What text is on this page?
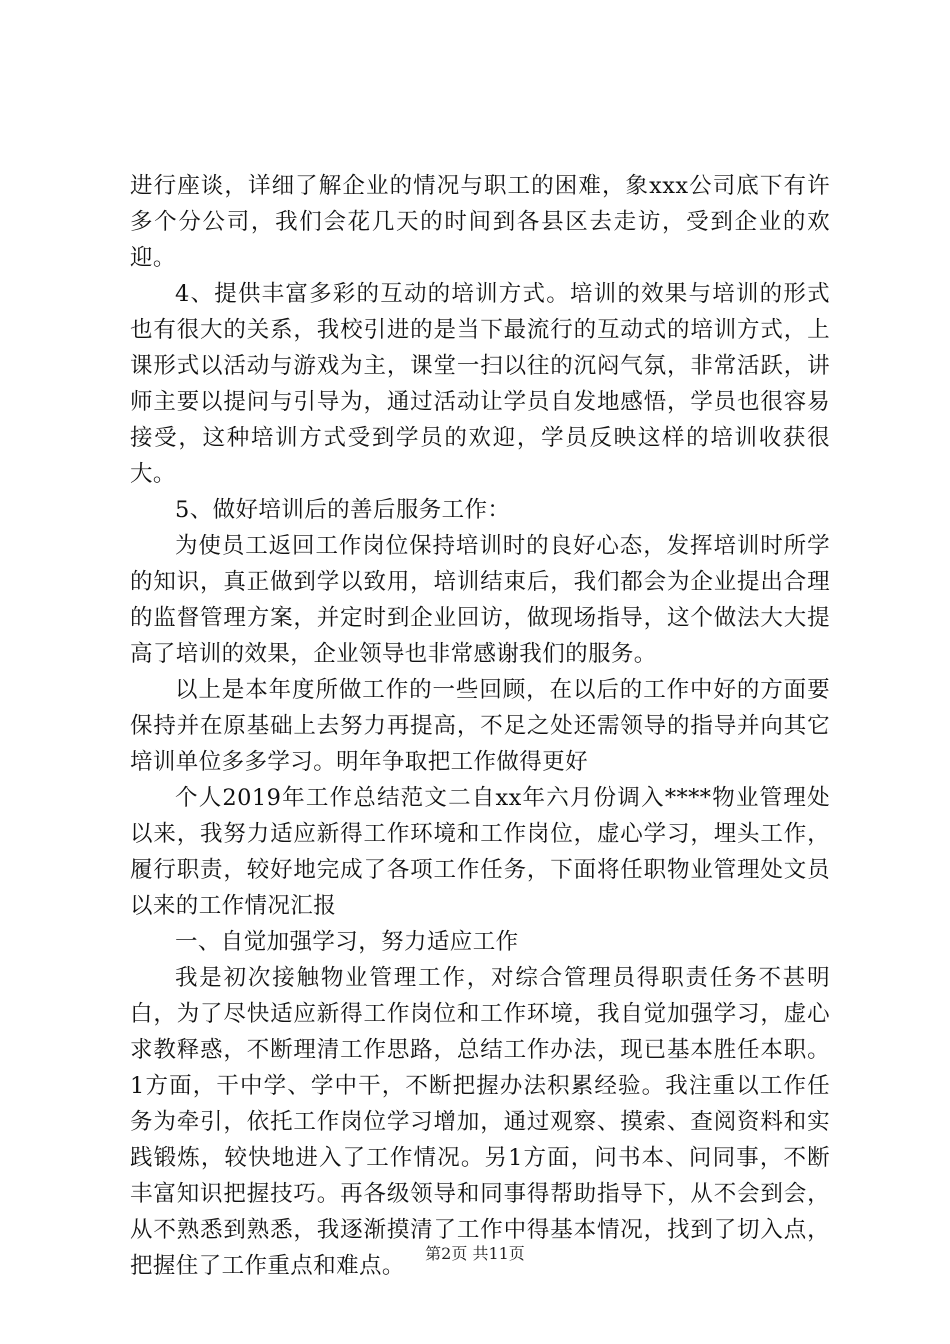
进行座谈，详细了解企业的情况与职工的困难，象xxx公司底下有许多个分公司，我们会花几天的时间到各县区去走访，受到企业的欢迎。

4、提供丰富多彩的互动的培训方式。培训的效果与培训的形式也有很大的关系，我校引进的是当下最流行的互动式的培训方式，上课形式以活动与游戏为主，课堂一扫以往的沉闷气氛，非常活跃，讲师主要以提问与引导为，通过活动让学员自发地感悟，学员也很容易接受，这种培训方式受到学员的欢迎，学员反映这样的培训收获很大。

5、做好培训后的善后服务工作：

为使员工返回工作岗位保持培训时的良好心态，发挥培训时所学的知识，真正做到学以致用，培训结束后，我们都会为企业提出合理的监督管理方案，并定时到企业回访，做现场指导，这个做法大大提高了培训的效果，企业领导也非常感谢我们的服务。

以上是本年度所做工作的一些回顾，在以后的工作中好的方面要保持并在原基础上去努力再提高，不足之处还需领导的指导并向其它培训单位多多学习。明年争取把工作做得更好

个人2019年工作总结范文二自xx年六月份调入****物业管理处以来，我努力适应新得工作环境和工作岗位，虚心学习，埋头工作，履行职责，较好地完成了各项工作任务，下面将任职物业管理处文员以来的工作情况汇报

一、自觉加强学习，努力适应工作

我是初次接触物业管理工作，对综合管理员得职责任务不甚明白，为了尽快适应新得工作岗位和工作环境，我自觉加强学习，虚心求教释惑，不断理清工作思路，总结工作办法，现已基本胜任本职。1方面，干中学、学中干，不断把握办法积累经验。我注重以工作任务为牵引，依托工作岗位学习增加，通过观察、摸索、查阅资料和实践锻炼，较快地进入了工作情况。另1方面，问书本、问同事，不断丰富知识把握技巧。再各级领导和同事得帮助指导下，从不会到会，从不熟悉到熟悉，我逐渐摸清了工作中得基本情况，找到了切入点，把握住了工作重点和难点。	第2页 共11页
